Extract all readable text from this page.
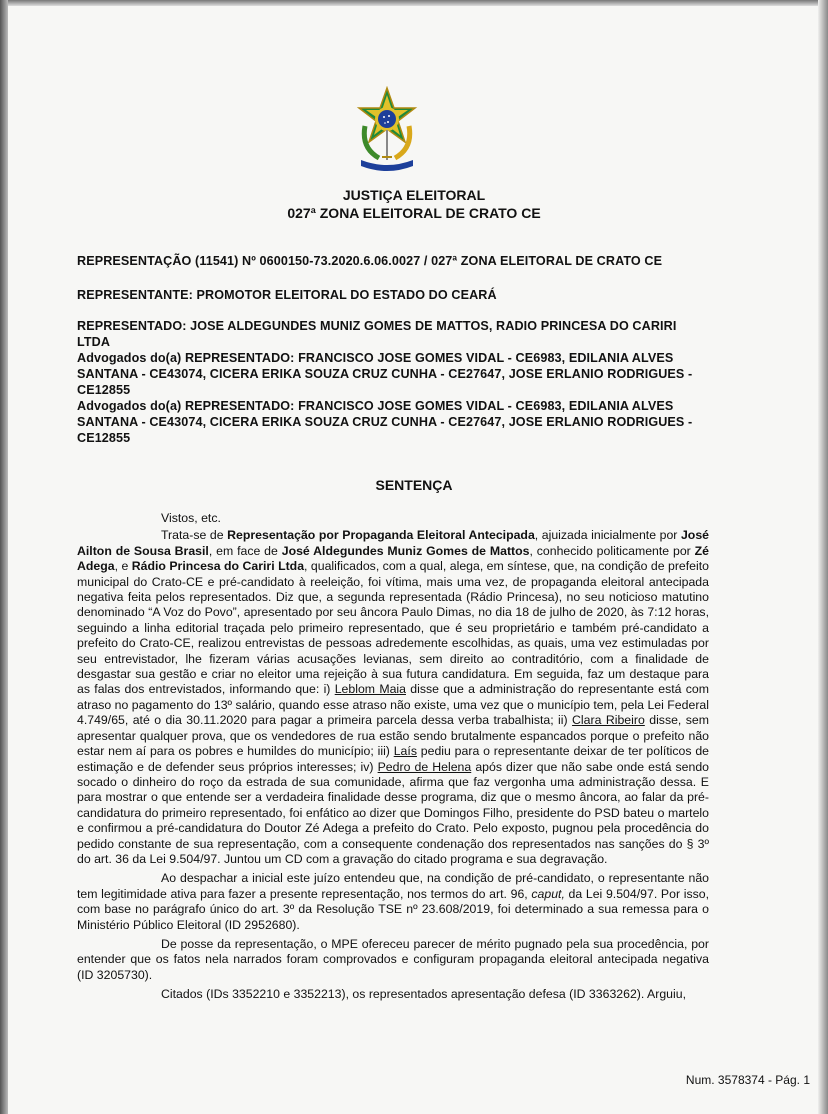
JUSTIÇA ELEITORAL
027ª ZONA ELEITORAL DE CRATO CE
REPRESENTAÇÃO (11541) Nº 0600150-73.2020.6.06.0027 / 027ª ZONA ELEITORAL DE CRATO CE
REPRESENTANTE: PROMOTOR ELEITORAL DO ESTADO DO CEARÁ
REPRESENTADO: JOSE ALDEGUNDES MUNIZ GOMES DE MATTOS, RADIO PRINCESA DO CARIRI LTDA
Advogados do(a) REPRESENTADO: FRANCISCO JOSE GOMES VIDAL - CE6983, EDILANIA ALVES SANTANA - CE43074, CICERA ERIKA SOUZA CRUZ CUNHA - CE27647, JOSE ERLANIO RODRIGUES - CE12855
Advogados do(a) REPRESENTADO: FRANCISCO JOSE GOMES VIDAL - CE6983, EDILANIA ALVES SANTANA - CE43074, CICERA ERIKA SOUZA CRUZ CUNHA - CE27647, JOSE ERLANIO RODRIGUES - CE12855
SENTENÇA

Vistos, etc.

Trata-se de Representação por Propaganda Eleitoral Antecipada, ajuizada inicialmente por José Ailton de Sousa Brasil, em face de José Aldegundes Muniz Gomes de Mattos, conhecido politicamente por Zé Adega, e Rádio Princesa do Cariri Ltda, qualificados, com a qual, alega, em síntese, que, na condição de prefeito municipal do Crato-CE e pré-candidato à reeleição, foi vítima, mais uma vez, de propaganda eleitoral antecipada negativa feita pelos representados. Diz que, a segunda representada (Rádio Princesa), no seu noticioso matutino denominado “A Voz do Povo”, apresentado por seu âncora Paulo Dimas, no dia 18 de julho de 2020, às 7:12 horas, seguindo a linha editorial traçada pelo primeiro representado, que é seu proprietário e também pré-candidato a prefeito do Crato-CE, realizou entrevistas de pessoas adredemente escolhidas, as quais, uma vez estimuladas por seu entrevistador, lhe fizeram várias acusações levianas, sem direito ao contraditório, com a finalidade de desgastar sua gestão e criar no eleitor uma rejeição à sua futura candidatura. Em seguida, faz um destaque para as falas dos entrevistados, informando que: i) Leblom Maia disse que a administração do representante está com atraso no pagamento do 13º salário, quando esse atraso não existe, uma vez que o município tem, pela Lei Federal 4.749/65, até o dia 30.11.2020 para pagar a primeira parcela dessa verba trabalhista; ii) Clara Ribeiro disse, sem apresentar qualquer prova, que os vendedores de rua estão sendo brutalmente espancados porque o prefeito não estar nem aí para os pobres e humildes do município; iii) Laís pediu para o representante deixar de ter políticos de estimação e de defender seus próprios interesses; iv) Pedro de Helena após dizer que não sabe onde está sendo socado o dinheiro do roço da estrada de sua comunidade, afirma que faz vergonha uma administração dessa. E para mostrar o que entende ser a verdadeira finalidade desse programa, diz que o mesmo âncora, ao falar da pré-candidatura do primeiro representado, foi enfático ao dizer que Domingos Filho, presidente do PSD bateu o martelo e confirmou a pré-candidatura do Doutor Zé Adega a prefeito do Crato. Pelo exposto, pugnou pela procedência do pedido constante de sua representação, com a consequente condenação dos representados nas sanções do § 3º do art. 36 da Lei 9.504/97. Juntou um CD com a gravação do citado programa e sua degravação.

Ao despachar a inicial este juízo entendeu que, na condição de pré-candidato, o representante não tem legitimidade ativa para fazer a presente representação, nos termos do art. 96, caput, da Lei 9.504/97. Por isso, com base no parágrafo único do art. 3º da Resolução TSE nº 23.608/2019, foi determinado a sua remessa para o Ministério Público Eleitoral (ID 2952680).

De posse da representação, o MPE ofereceu parecer de mérito pugnado pela sua procedência, por entender que os fatos nela narrados foram comprovados e configuram propaganda eleitoral antecipada negativa (ID 3205730).

Citados (IDs 3352210 e 3352213), os representados apresentação defesa (ID 3363262). Arguiu,

Num. 3578374 - Pág. 1
